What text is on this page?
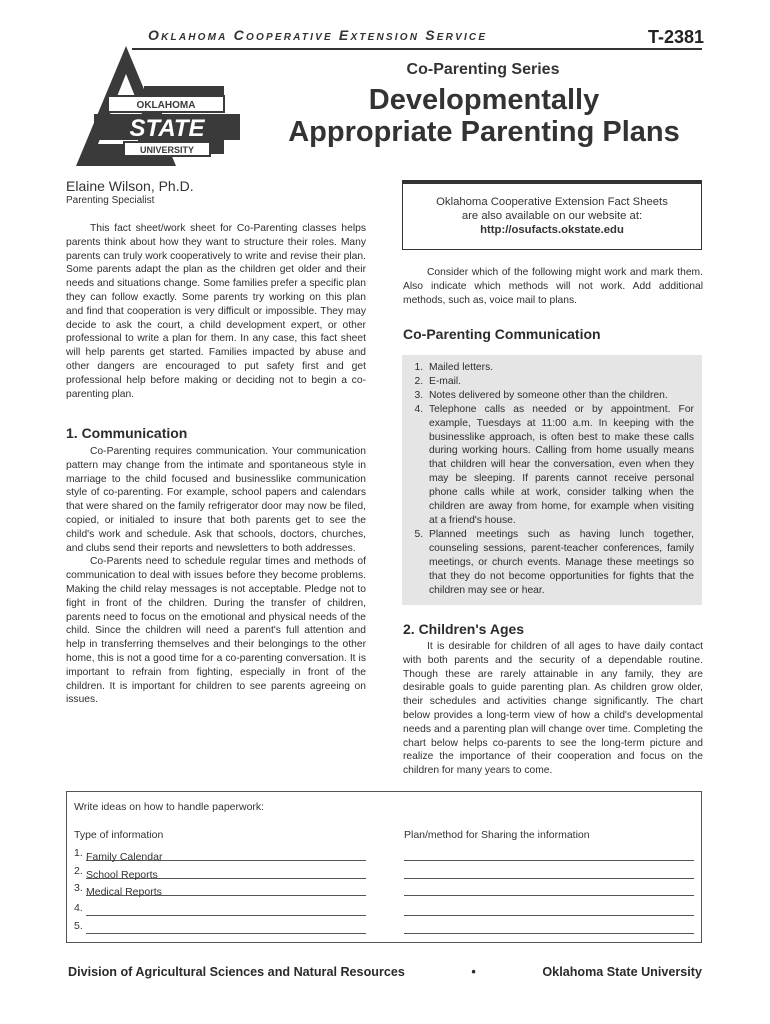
Oklahoma Cooperative Extension Service	T-2381
Co-Parenting Series
Developmentally
Appropriate Parenting Plans
OKLAHOMA
STATE
UNIVERSITY
Elaine Wilson, Ph.D.
Parenting Specialist

This fact sheet/work sheet for Co-Parenting classes helps parents think about how they want to structure their roles. Many parents can truly work cooperatively to write and revise their plan. Some parents adapt the plan as the children get older and their needs and situations change. Some families prefer a specific plan they can follow exactly. Some parents try working on this plan and find that cooperation is very difficult or impossible. They may decide to ask the court, a child development expert, or other professional to write a plan for them. In any case, this fact sheet will help parents get started. Families impacted by abuse and other dangers are encouraged to put safety first and get professional help before making or deciding not to begin a co-parenting plan.

1. Communication

Co-Parenting requires communication. Your communication pattern may change from the intimate and spontaneous style in marriage to the child focused and businesslike communication style of co-parenting. For example, school papers and calendars that were shared on the family refrigerator door may now be filed, copied, or initialed to insure that both parents get to see the child's work and schedule. Ask that schools, doctors, churches, and clubs send their reports and newsletters to both addresses.

Co-Parents need to schedule regular times and methods of communication to deal with issues before they become problems. Making the child relay messages is not acceptable. Pledge not to fight in front of the children. During the transfer of children, parents need to focus on the emotional and physical needs of the child. Since the children will need a parent's full attention and help in transferring themselves and their belongings to the other home, this is not a good time for a co-parenting conversation. It is important to refrain from fighting, especially in front of the children. It is important for children to see parents agreeing on issues.

Oklahoma Cooperative Extension Fact Sheets
are also available on our website at:
http://osufacts.okstate.edu

Consider which of the following might work and mark them. Also indicate which methods will not work. Add additional methods, such as, voice mail to plans.

Co-Parenting Communication
1. Mailed letters.
2. E-mail.
3. Notes delivered by someone other than the children.
4. Telephone calls as needed or by appointment. For example, Tuesdays at 11:00 a.m. In keeping with the businesslike approach, is often best to make these calls during working hours. Calling from home usually means that children will hear the conversation, even when they may be sleeping. If parents cannot receive personal phone calls while at work, consider talking when the children are away from home, for example when visiting at a friend's house.
5. Planned meetings such as having lunch together, counseling sessions, parent-teacher conferences, family meetings, or church events. Manage these meetings so that they do not become opportunities for fights that the children may see or hear.
2. Children's Ages

It is desirable for children of all ages to have daily contact with both parents and the security of a dependable routine. Though these are rarely attainable in any family, they are desirable goals to guide parenting plan. As children grow older, their schedules and activities change significantly. The chart below provides a long-term view of how a child's developmental needs and a parenting plan will change over time. Completing the chart below helps co-parents to see the long-term picture and realize the importance of their cooperation and focus on the children for many years to come.

Write ideas on how to handle paperwork:
Type of information	Plan/method for Sharing the information
1. Family Calendar
2. School Reports
3. Medical Reports
4.
5.
Division of Agricultural Sciences and Natural Resources	•	Oklahoma State University
